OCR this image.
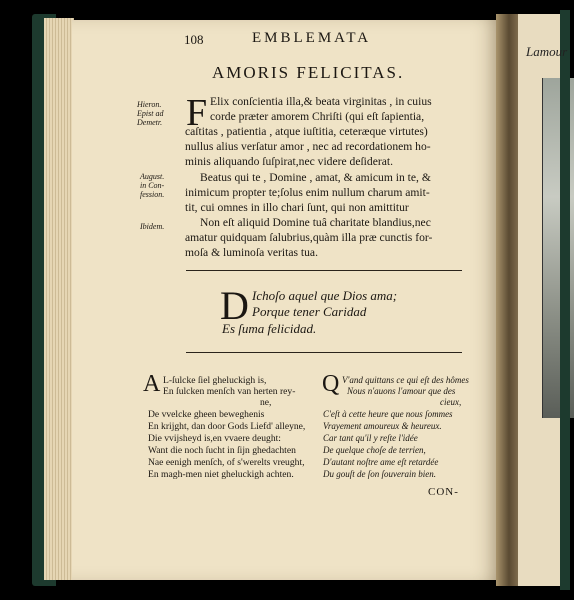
Lamour
108	EMBLEMATA
AMORIS FELICITAS.
Hieron.
Epist ad
Demetr.
August.
in Con-
fession.
Ibidem.
F Elix conſcientia illa,& beata virginitas , in cuius
corde præter amorem Chriſti (qui eſt ſapientia,
caſtitas , patientia , atque iuſtitia, ceteræque virtutes)
nullus alius verſatur amor , nec ad recordationem ho-
minis aliquando ſuſpirat,nec videre deſiderat.
Beatus qui te , Domine , amat, & amicum in te, &
inimicum propter te;ſolus enim nullum charum amit-
tit, cui omnes in illo chari ſunt, qui non amittitur
Non eſt aliquid Domine tuâ charitate blandius,nec
amatur quidquam ſalubrius,quàm illa præ cunctis for-
moſa & luminoſa veritas tua.
D Ichoſo aquel que Dios ama;
Porque tener Caridad
Es ſuma felicidad.
A L-ſulcke ſiel gheluckigh is,
En ſulcken menſch van herten rey-
ne,
De vvelcke gheen beweghenis
En krijght, dan door Gods Liefd' alleyne,
Die vvijsheyd is,en vvaere deught:
Want die noch ſucht in ſijn ghedachten
Nae eenigh menſch, of s'werelts vreught,
En magh-men niet gheluckigh achten.
Q V'and quittans ce qui eſt des hômes
Nous n'auons l'amour que des
cieux,
C'eſt à cette heure que nous ſommes
Vrayement amoureux & heureux.
Car tant qu'il y reſte l'idée
De quelque choſe de terrien,
D'autant noſtre ame eſt retardée
Du gouſt de ſon ſouverain bien.
CON-
